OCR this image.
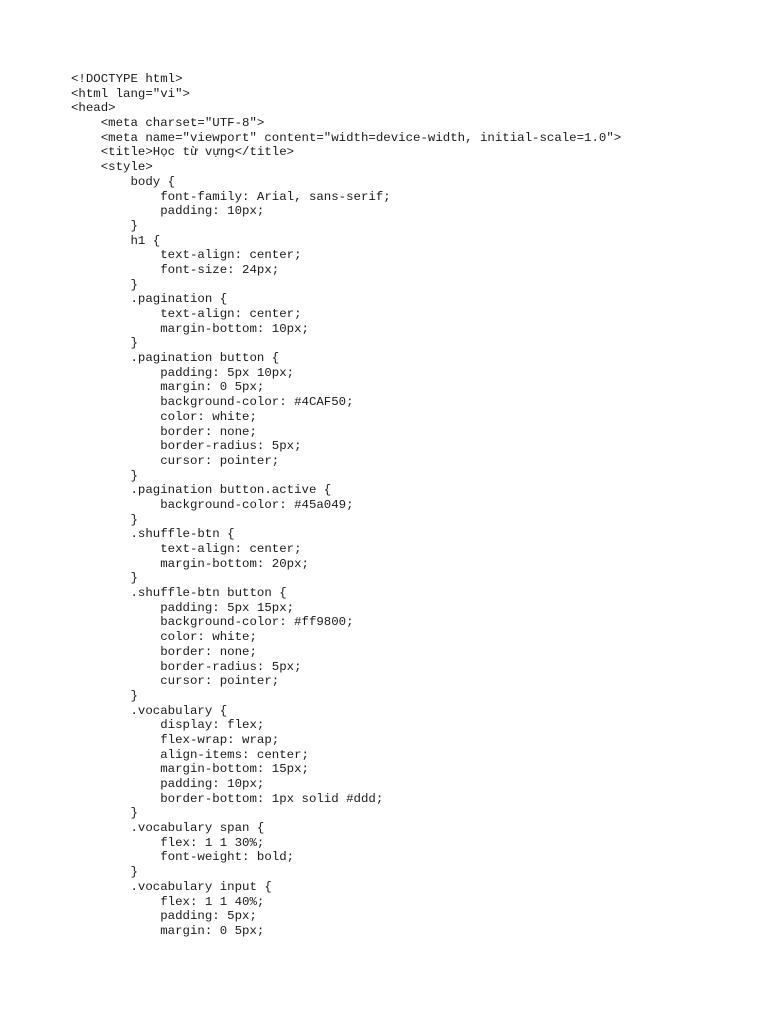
<!DOCTYPE html>
<html lang="vi">
<head>
<meta charset="UTF-8">
<meta name="viewport" content="width=device-width, initial-scale=1.0">
<title>Học từ vựng</title>
<style>
body {
font-family: Arial, sans-serif;
padding: 10px;
}
h1 {
text-align: center;
font-size: 24px;
}
.pagination {
text-align: center;
margin-bottom: 10px;
}
.pagination button {
padding: 5px 10px;
margin: 0 5px;
background-color: #4CAF50;
color: white;
border: none;
border-radius: 5px;
cursor: pointer;
}
.pagination button.active {
background-color: #45a049;
}
.shuffle-btn {
text-align: center;
margin-bottom: 20px;
}
.shuffle-btn button {
padding: 5px 15px;
background-color: #ff9800;
color: white;
border: none;
border-radius: 5px;
cursor: pointer;
}
.vocabulary {
display: flex;
flex-wrap: wrap;
align-items: center;
margin-bottom: 15px;
padding: 10px;
border-bottom: 1px solid #ddd;
}
.vocabulary span {
flex: 1 1 30%;
font-weight: bold;
}
.vocabulary input {
flex: 1 1 40%;
padding: 5px;
margin: 0 5px;
